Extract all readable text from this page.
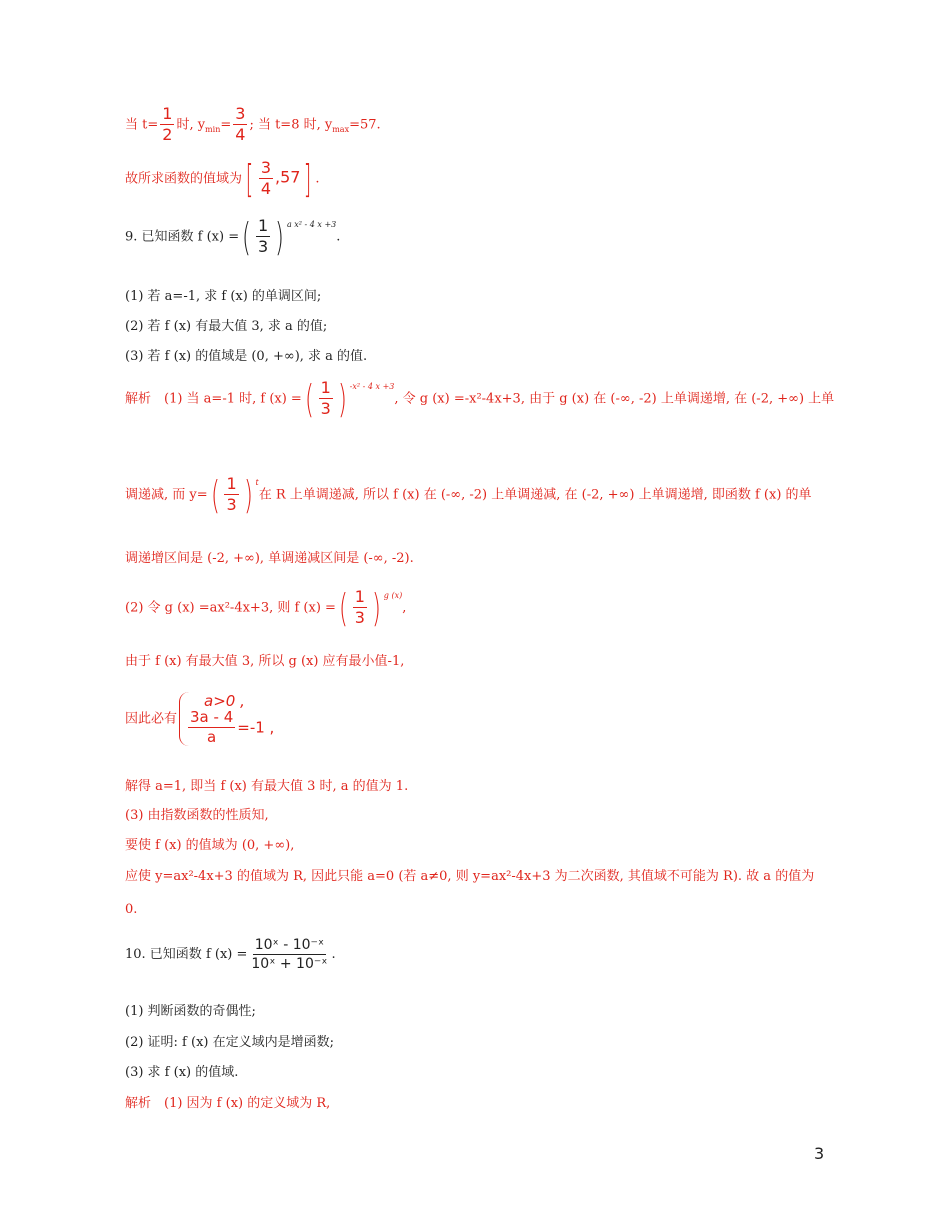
当 $t= \frac{1}{2}$ 时, $y_{min}= \frac{3}{4}$ ; 当 t=8 时, $y_{max}=57$.
故所求函数的值域为[ $\frac{3}{4} ,57$] .
9. 已知函数 f (x) =( $\frac{1}{3}$ ) $^{a x^2 - 4 x +3}$.
(1) 若 a=-1, 求 f (x) 的单调区间;
(2) 若 f (x) 有最大值 3, 求 a 的值;
(3) 若 f (x) 的值域是 (0, +∞), 求 a 的值.
解析　(1) 当 a=-1 时, f (x) =( $\frac{1}{3}$ ) $^{-x^2 - 4 x +3}$, 令 g (x) =-x²-4x+3, 由于 g (x) 在 (-∞, -2) 上单调递增, 在 (-2, +∞) 上单
调递减, 而 $y=( \frac{1}{3}$ ) $^t$在 R 上单调递减, 所以 f (x) 在 (-∞, -2) 上单调递减, 在 (-2, +∞) 上单调递增, 即函数 f (x) 的单
调递增区间是 (-2, +∞), 单调递减区间是 (-∞, -2).
(2) 令 g (x) =ax²-4x+3, 则 f (x) =( $\frac{1}{3}$ ) $^{g (x)}$,
由于 f (x) 有最大值 3, 所以 g (x) 应有最小值-1,
因此必有
a>0 ,
$\frac{3a - 4}{a} =-1$ ,
解得 a=1, 即当 f (x) 有最大值 3 时, a 的值为 1.
(3) 由指数函数的性质知,
要使 f (x) 的值域为 (0, +∞),
应使 y=ax²-4x+3 的值域为 R, 因此只能 a=0 (若 a≠0, 则 y=ax²-4x+3 为二次函数, 其值域不可能为 R). 故 a 的值为
0.
10. 已知函数 f $(x) = \frac{\text{10ˣ - 10⁻ˣ}}{\text{10ˣ + 10⁻ˣ}}$ .
(1) 判断函数的奇偶性;
(2) 证明: f (x) 在定义域内是增函数;
(3) 求 f (x) 的值域.
解析　(1) 因为 f (x) 的定义域为 R,
3
